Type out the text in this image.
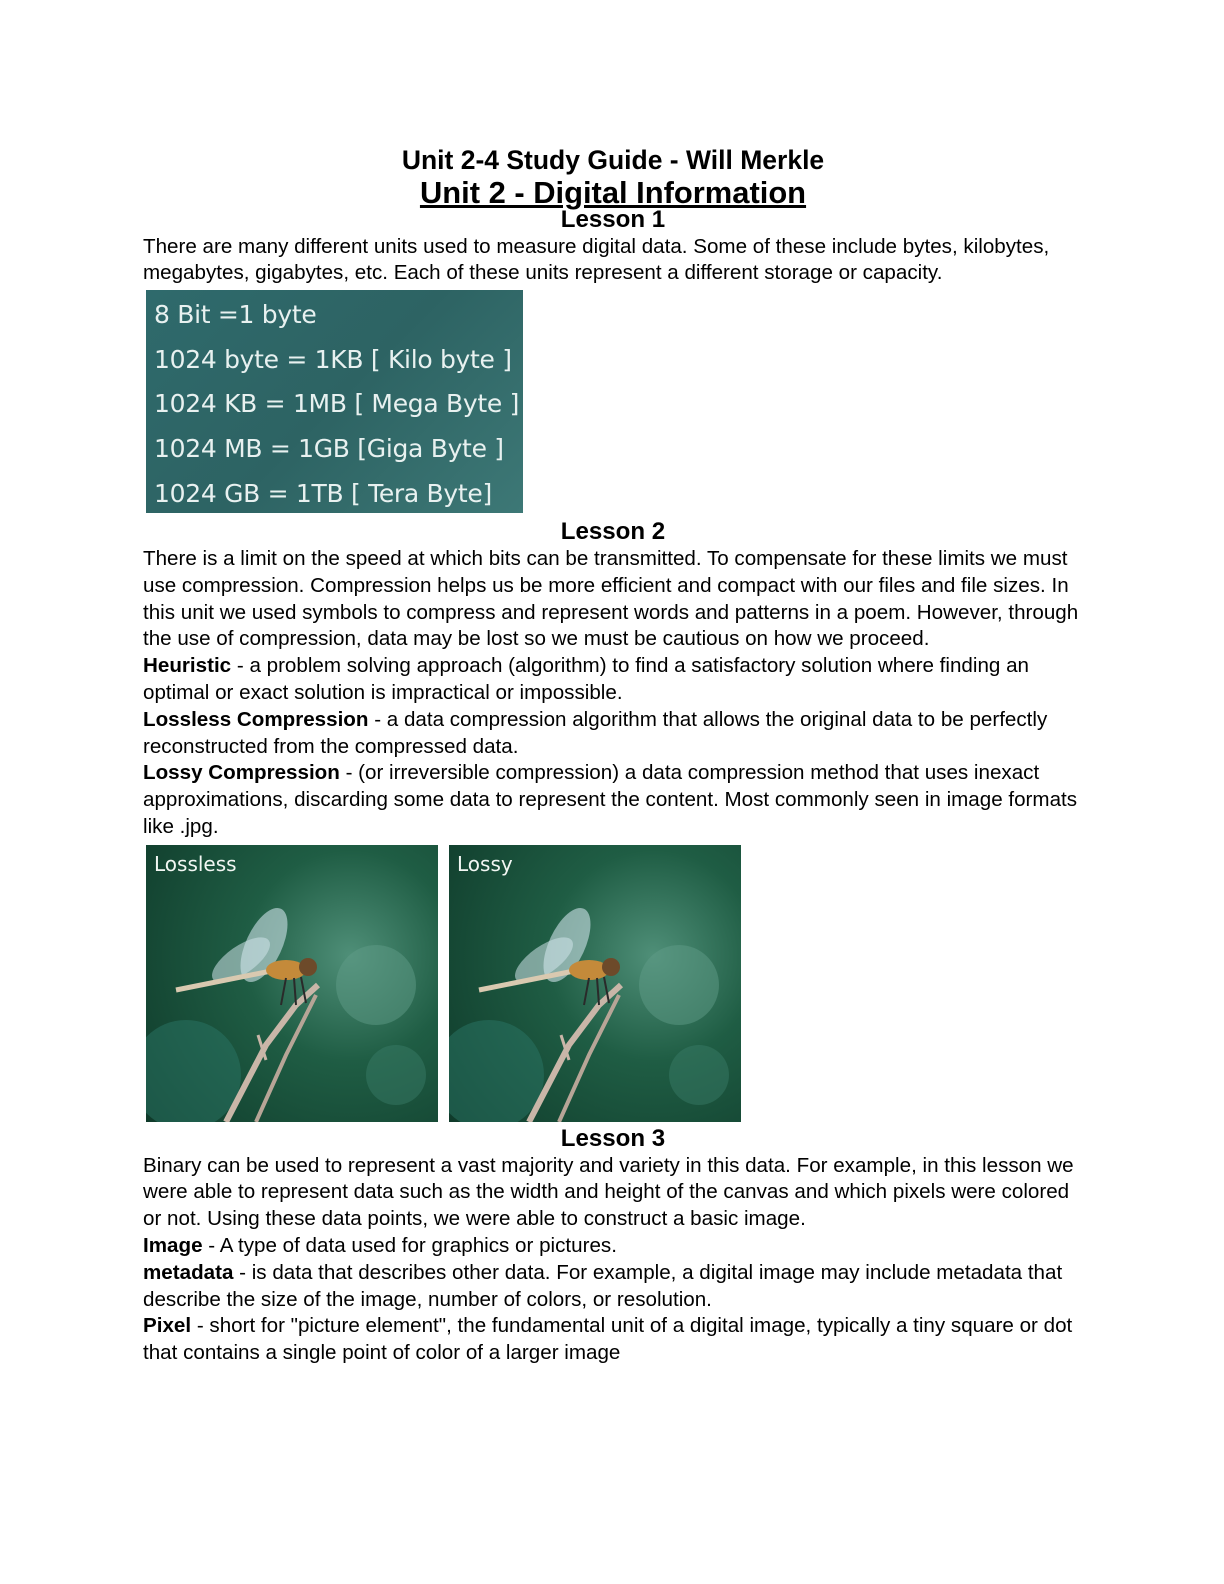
Unit 2-4 Study Guide - Will Merkle
Unit 2 - Digital Information
Lesson 1

There are many different units used to measure digital data. Some of these include bytes, kilobytes, megabytes, gigabytes, etc. Each of these units represent a different storage or capacity.

8 Bit =1 byte
1024 byte = 1KB [ Kilo byte ]
1024 KB = 1MB [ Mega Byte ]
1024 MB = 1GB [Giga Byte ]
1024 GB = 1TB [ Tera Byte]
Lesson 2

There is a limit on the speed at which bits can be transmitted. To compensate for these limits we must use compression. Compression helps us be more efficient and compact with our files and file sizes. In this unit we used symbols to compress and represent words and patterns in a poem. However, through the use of compression, data may be lost so we must be cautious on how we proceed.

Heuristic - a problem solving approach (algorithm) to find a satisfactory solution where finding an optimal or exact solution is impractical or impossible.

Lossless Compression - a data compression algorithm that allows the original data to be perfectly reconstructed from the compressed data.

Lossy Compression - (or irreversible compression) a data compression method that uses inexact approximations, discarding some data to represent the content. Most commonly seen in image formats like .jpg.

Lossless	Lossy
Lesson 3

Binary can be used to represent a vast majority and variety in this data. For example, in this lesson we were able to represent data such as the width and height of the canvas and which pixels were colored or not. Using these data points, we were able to construct a basic image.

Image - A type of data used for graphics or pictures.

metadata - is data that describes other data. For example, a digital image may include metadata that describe the size of the image, number of colors, or resolution.

Pixel - short for "picture element", the fundamental unit of a digital image, typically a tiny square or dot that contains a single point of color of a larger image
